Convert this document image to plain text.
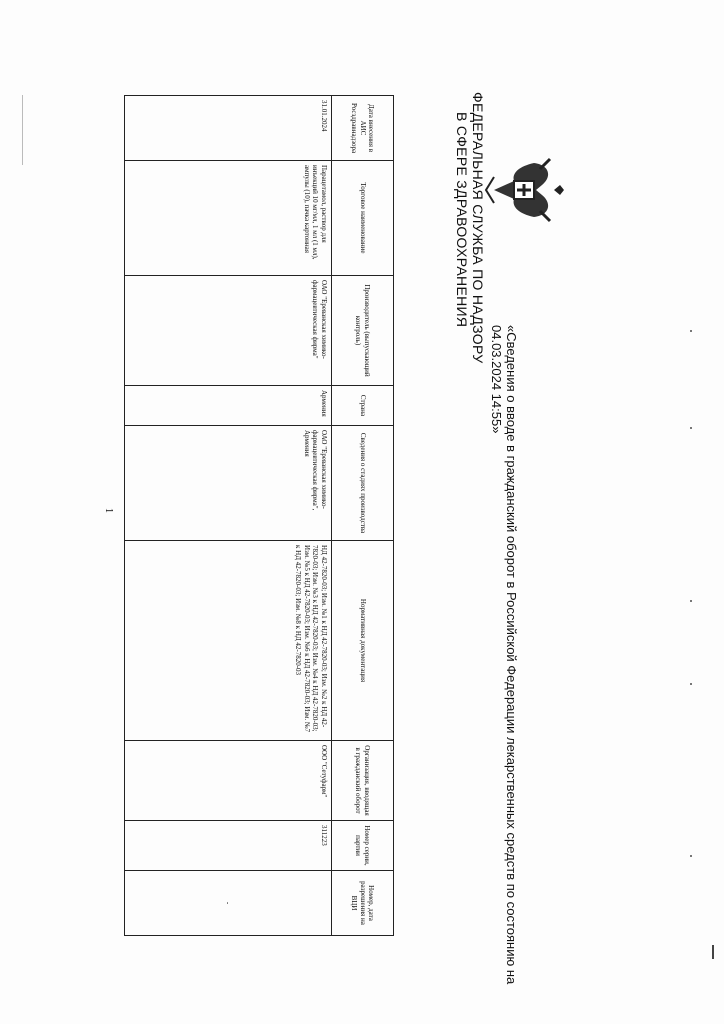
ФЕДЕРАЛЬНАЯ СЛУЖБА ПО НАДЗОРУ
В СФЕРЕ ЗДРАВООХРАНЕНИЯ
«Сведения о вводе в гражданский оборот в Российской Федерации лекарственных средств по состоянию на 04.03.2024 14:55»
Дата внесения в АИС Росздравнадзора	Торговое наименование	Производитель (выпускающий контроль)	Страна	Сведения о стадиях производства	Нормативная документация	Организация, вводящая в гражданский оборот	Номер серии, партии	Номер, дата разрешения на ВЦИ
31.01.2024	Парацетамол, раствор для инъекций 10 мг/мл, 1 мл (1 мл), ампулы (10), пачка картонная	ОАО "Ереванская химико-фармацевтическая фирма"	Армения	ОАО "Ереванская химико-фармацевтическая фирма", Армения	НД 42-7820-03; Изм. №1 к НД 42-7820-03; Изм. №2 к НД 42-7820-03; Изм. №3 к НД 42-7820-03; Изм. №4 к НД 42-7820-03; Изм. №5 к НД 42-7820-03; Изм. №6 к НД 42-7820-03; Изм. №7 к НД 42-7820-03; Изм. №8 к НД 42-7820-03	ООО "Сетуфарм"	311223	-
1
